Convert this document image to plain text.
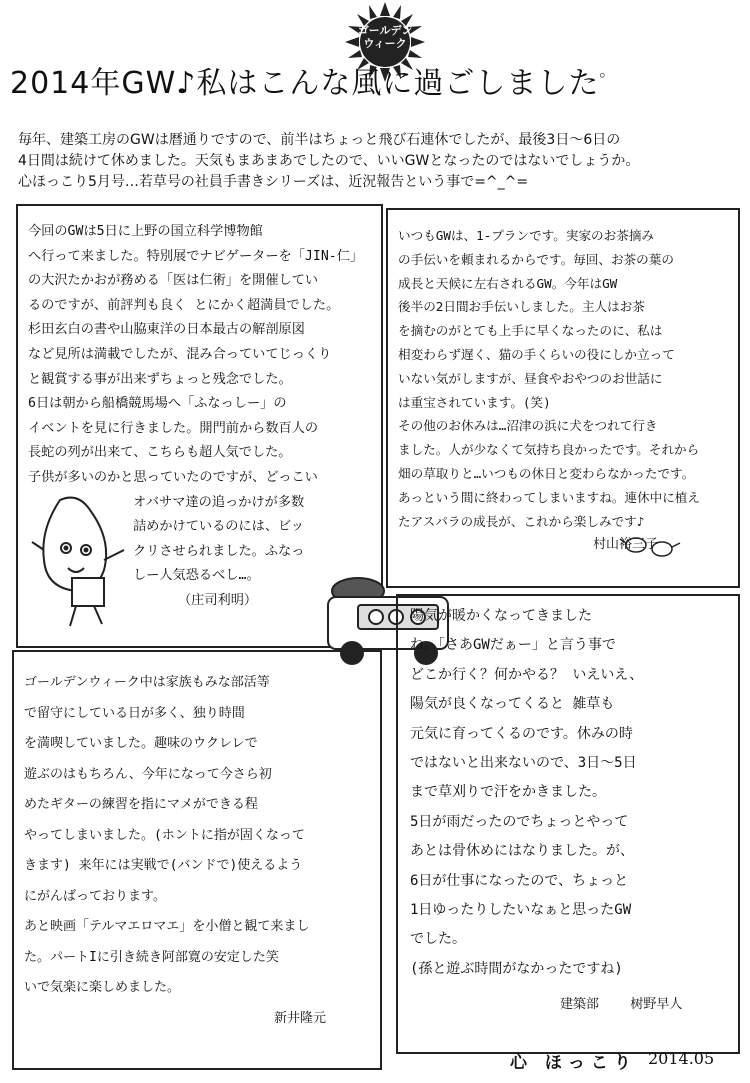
ゴールデン
ウィーク
2014年GW♪私はこんな風に過ごしました。
毎年、建築工房のGWは暦通りですので、前半はちょっと飛び石連休でしたが、最後3日～6日の
4日間は続けて休めました。天気もまあまあでしたので、いいGWとなったのではないでしょうか。
心ほっこり5月号…若草号の社員手書きシリーズは、近況報告という事で=^_^=
今回のGWは5日に上野の国立科学博物館
へ行って来ました。特別展でナビゲーターを「JIN-仁」
の大沢たかおが務める「医は仁術」を開催してい
るのですが、前評判も良く とにかく超満員でした。
杉田玄白の書や山脇東洋の日本最古の解剖原図
など見所は満載でしたが、混み合っていてじっくり
と観賞する事が出来ずちょっと残念でした。
6日は朝から船橋競馬場へ「ふなっしー」の
イベントを見に行きました。開門前から数百人の
長蛇の列が出来て、こちらも超人気でした。
子供が多いのかと思っていたのですが、どっこい
オバサマ達の追っかけが多数
詰めかけているのには、ビッ
クリさせられました。ふなっ
しー人気恐るべし…。
（庄司利明）
いつもGWは、1-プランです。実家のお茶摘み
の手伝いを頼まれるからです。毎回、お茶の葉の
成長と天候に左右されるGW。今年はGW
後半の2日間お手伝いしました。主人はお茶
を摘むのがとても上手に早くなったのに、私は
相変わらず遅く、猫の手くらいの役にしか立って
いない気がしますが、昼食やおやつのお世話に
は重宝されています。(笑)
その他のお休みは…沼津の浜に犬をつれて行き
ました。人が少なくて気持ち良かったです。それから
畑の草取りと…いつもの休日と変わらなかったです。
あっという間に終わってしまいますね。連休中に植え
たアスパラの成長が、これから楽しみです♪
村山裕三子
ゴールデンウィーク中は家族もみな部活等
で留守にしている日が多く、独り時間
を満喫していました。趣味のウクレレで
遊ぶのはもちろん、今年になって今さら初
めたギターの練習を指にマメができる程
やってしまいました。(ホントに指が固くなって
きます) 来年には実戦で(バンドで)使えるよう
にがんばっております。
あと映画「テルマエロマエ」を小僧と観て来まし
た。パートIに引き続き阿部寛の安定した笑
いで気楽に楽しめました。
新井隆元
陽気が暖かくなってきました
ね。「さあGWだぁー」と言う事で
どこか行く？何かやる？ いえいえ、
陽気が良くなってくると 雑草も
元気に育ってくるのです。休みの時
ではないと出来ないので、3日～5日
まで草刈りで汗をかきました。
5日が雨だったのでちょっとやって
あとは骨休めにはなりました。が、
6日が仕事になったので、ちょっと
1日ゆったりしたいなぁと思ったGW
でした。
(孫と遊ぶ時間がなかったですね)
建築部 树野早人
心 ほっこり 2014.05
